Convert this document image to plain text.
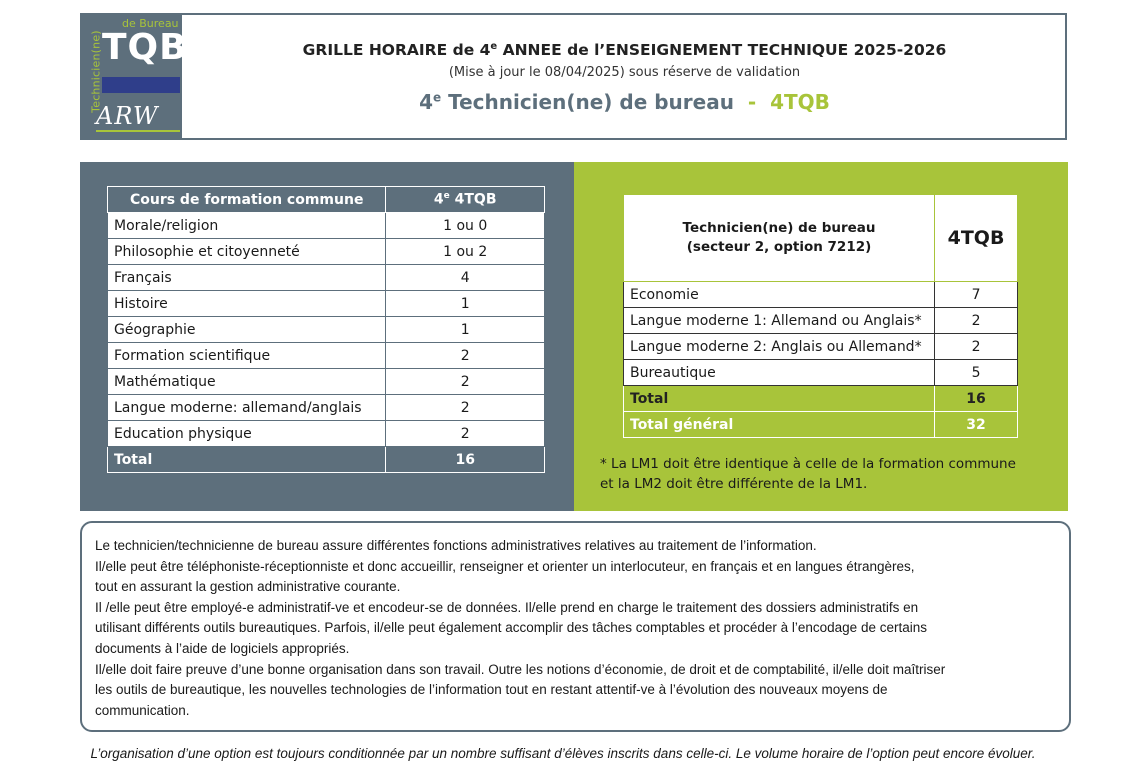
Technicien(ne)
de Bureau
TQB
ARW
GRILLE HORAIRE de 4e ANNEE de l’ENSEIGNEMENT TECHNIQUE 2025-2026
(Mise à jour le 08/04/2025) sous réserve de validation
4e Technicien(ne) de bureau  -  4TQB
Cours de formation commune	4e 4TQB
Morale/religion	1 ou 0
Philosophie et citoyenneté	1 ou 2
Français	4
Histoire	1
Géographie	1
Formation scientifique	2
Mathématique	2
Langue moderne: allemand/anglais	2
Education physique	2
Total	16
Technicien(ne) de bureau
(secteur 2, option 7212)	4TQB
Economie	7
Langue moderne 1: Allemand ou Anglais*	2
Langue moderne 2: Anglais ou Allemand*	2
Bureautique	5
Total	16
Total général	32
* La LM1 doit être identique à celle de la formation commune
et la LM2 doit être différente de la LM1.

Le technicien/technicienne de bureau assure différentes fonctions administratives relatives au traitement de l’information.

Il/elle peut être téléphoniste-réceptionniste et donc accueillir, renseigner et orienter un interlocuteur, en français et en langues étrangères,

tout en assurant la gestion administrative courante.

Il /elle peut être employé-e administratif-ve et encodeur-se de données. Il/elle prend en charge le traitement des dossiers administratifs en

utilisant différents outils bureautiques. Parfois, il/elle peut également accomplir des tâches comptables et procéder à l’encodage de certains

documents à l’aide de logiciels appropriés.

Il/elle doit faire preuve d’une bonne organisation dans son travail. Outre les notions d’économie, de droit et de comptabilité, il/elle doit maîtriser

les outils de bureautique, les nouvelles technologies de l’information tout en restant attentif-ve à l’évolution des nouveaux moyens de

communication.

L’organisation d’une option est toujours conditionnée par un nombre suffisant d’élèves inscrits dans celle-ci. Le volume horaire de l’option peut encore évoluer.
